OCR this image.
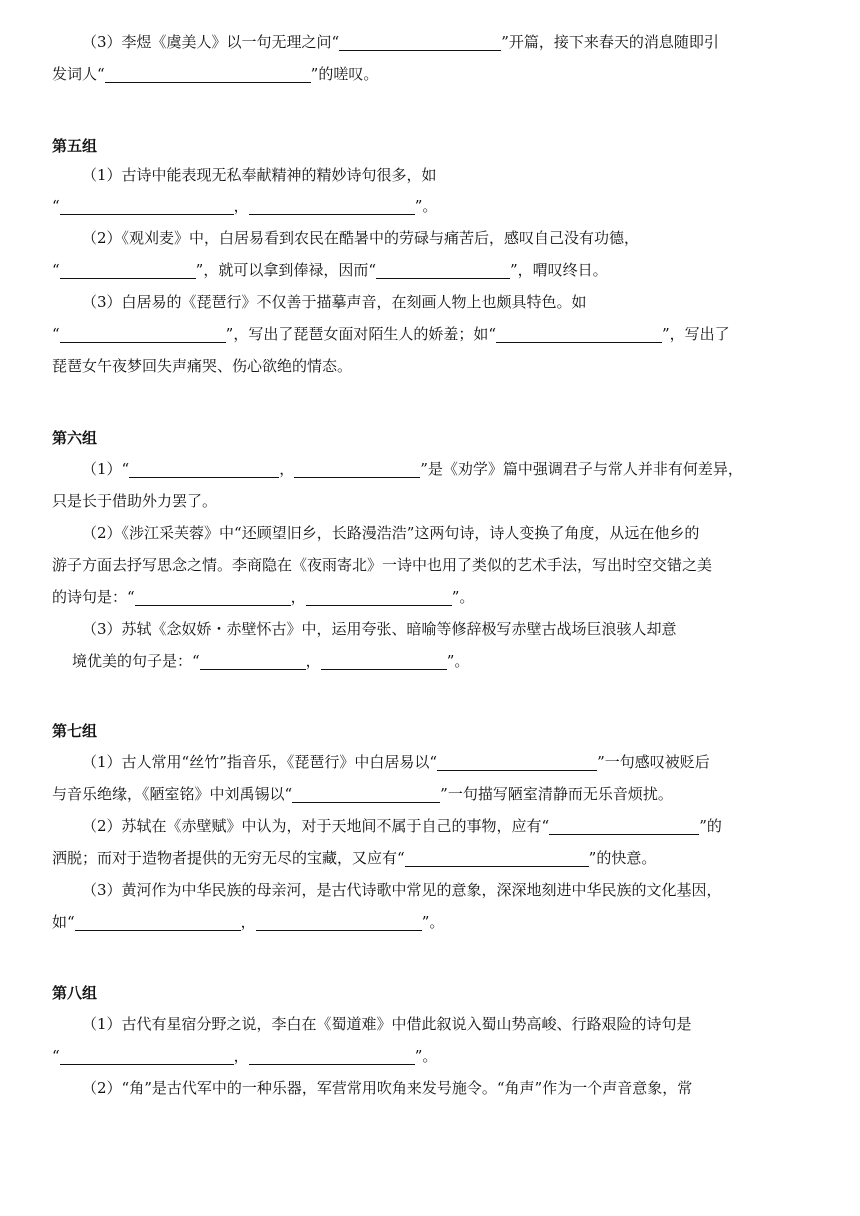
（3）李煜《虞美人》以一句无理之问“	”开篇，接下来春天的消息随即引
发词人“	”的嗟叹。
第五组
（1）古诗中能表现无私奉献精神的精妙诗句很多，如
“	，	”。
（2）《观刈麦》中，白居易看到农民在酷暑中的劳碌与痛苦后，感叹自己没有功德，
“	”，就可以拿到俸禄，因而“	”，喟叹终日。
（3）白居易的《琵琶行》不仅善于描摹声音，在刻画人物上也颇具特色。如
“	”，写出了琵琶女面对陌生人的娇羞；如“	”，写出了
琵琶女午夜梦回失声痛哭、伤心欲绝的情态。
第六组
（1）“	，	”是《劝学》篇中强调君子与常人并非有何差异，
只是长于借助外力罢了。
（2）《涉江采芙蓉》中“还顾望旧乡，长路漫浩浩”这两句诗，诗人变换了角度，从远在他乡的
游子方面去抒写思念之情。李商隐在《夜雨寄北》一诗中也用了类似的艺术手法，写出时空交错之美
的诗句是：“	，	”。
（3）苏轼《念奴娇・赤壁怀古》中，运用夸张、暗喻等修辞极写赤壁古战场巨浪骇人却意
境优美的句子是：“	，	”。
第七组
（1）古人常用“丝竹”指音乐，《琵琶行》中白居易以“	”一句感叹被贬后
与音乐绝缘，《陋室铭》中刘禹锡以“	”一句描写陋室清静而无乐音烦扰。
（2）苏轼在《赤壁赋》中认为，对于天地间不属于自己的事物，应有“	”的
洒脱；而对于造物者提供的无穷无尽的宝藏，又应有“	”的快意。
（3）黄河作为中华民族的母亲河，是古代诗歌中常见的意象，深深地刻进中华民族的文化基因，
如“	，	”。
第八组
（1）古代有星宿分野之说，李白在《蜀道难》中借此叙说入蜀山势高峻、行路艰险的诗句是
“	，	”。
（2）“角”是古代军中的一种乐器，军营常用吹角来发号施令。“角声”作为一个声音意象，常
